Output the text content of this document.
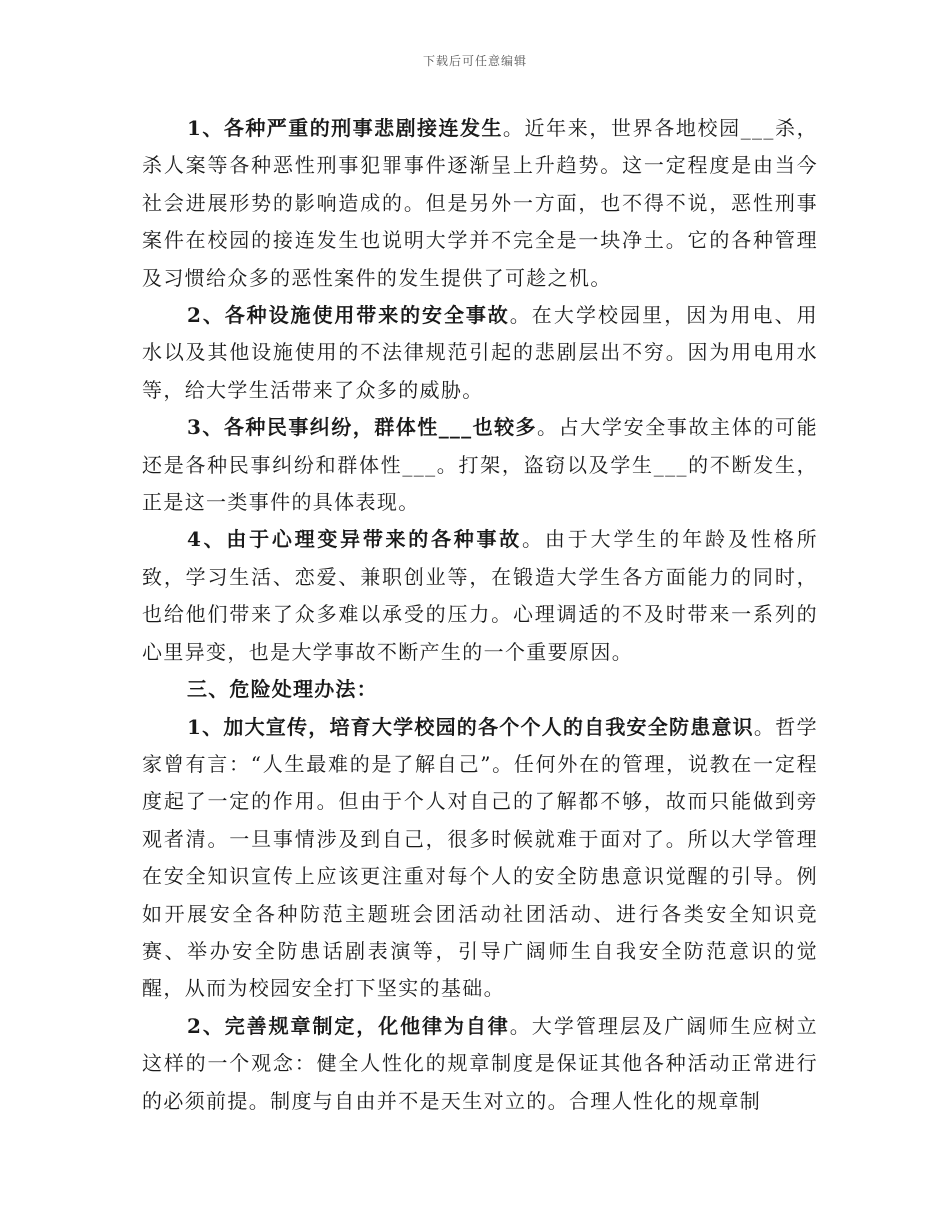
下载后可任意编辑

1、各种严重的刑事悲剧接连发生。近年来，世界各地校园___杀，杀人案等各种恶性刑事犯罪事件逐渐呈上升趋势。这一定程度是由当今社会进展形势的影响造成的。但是另外一方面，也不得不说，恶性刑事案件在校园的接连发生也说明大学并不完全是一块净土。它的各种管理及习惯给众多的恶性案件的发生提供了可趁之机。

2、各种设施使用带来的安全事故。在大学校园里，因为用电、用水以及其他设施使用的不法律规范引起的悲剧层出不穷。因为用电用水等，给大学生活带来了众多的威胁。

3、各种民事纠纷，群体性___也较多。占大学安全事故主体的可能还是各种民事纠纷和群体性___。打架，盗窃以及学生___的不断发生，正是这一类事件的具体表现。

4、由于心理变异带来的各种事故。由于大学生的年龄及性格所致，学习生活、恋爱、兼职创业等，在锻造大学生各方面能力的同时，也给他们带来了众多难以承受的压力。心理调适的不及时带来一系列的心里异变，也是大学事故不断产生的一个重要原因。

三、危险处理办法：

1、加大宣传，培育大学校园的各个个人的自我安全防患意识。哲学家曾有言：“人生最难的是了解自己”。任何外在的管理，说教在一定程度起了一定的作用。但由于个人对自己的了解都不够，故而只能做到旁观者清。一旦事情涉及到自己，很多时候就难于面对了。所以大学管理在安全知识宣传上应该更注重对每个人的安全防患意识觉醒的引导。例如开展安全各种防范主题班会团活动社团活动、进行各类安全知识竞赛、举办安全防患话剧表演等，引导广阔师生自我安全防范意识的觉醒，从而为校园安全打下坚实的基础。

2、完善规章制定，化他律为自律。大学管理层及广阔师生应树立这样的一个观念：健全人性化的规章制度是保证其他各种活动正常进行的必须前提。制度与自由并不是天生对立的。合理人性化的规章制
